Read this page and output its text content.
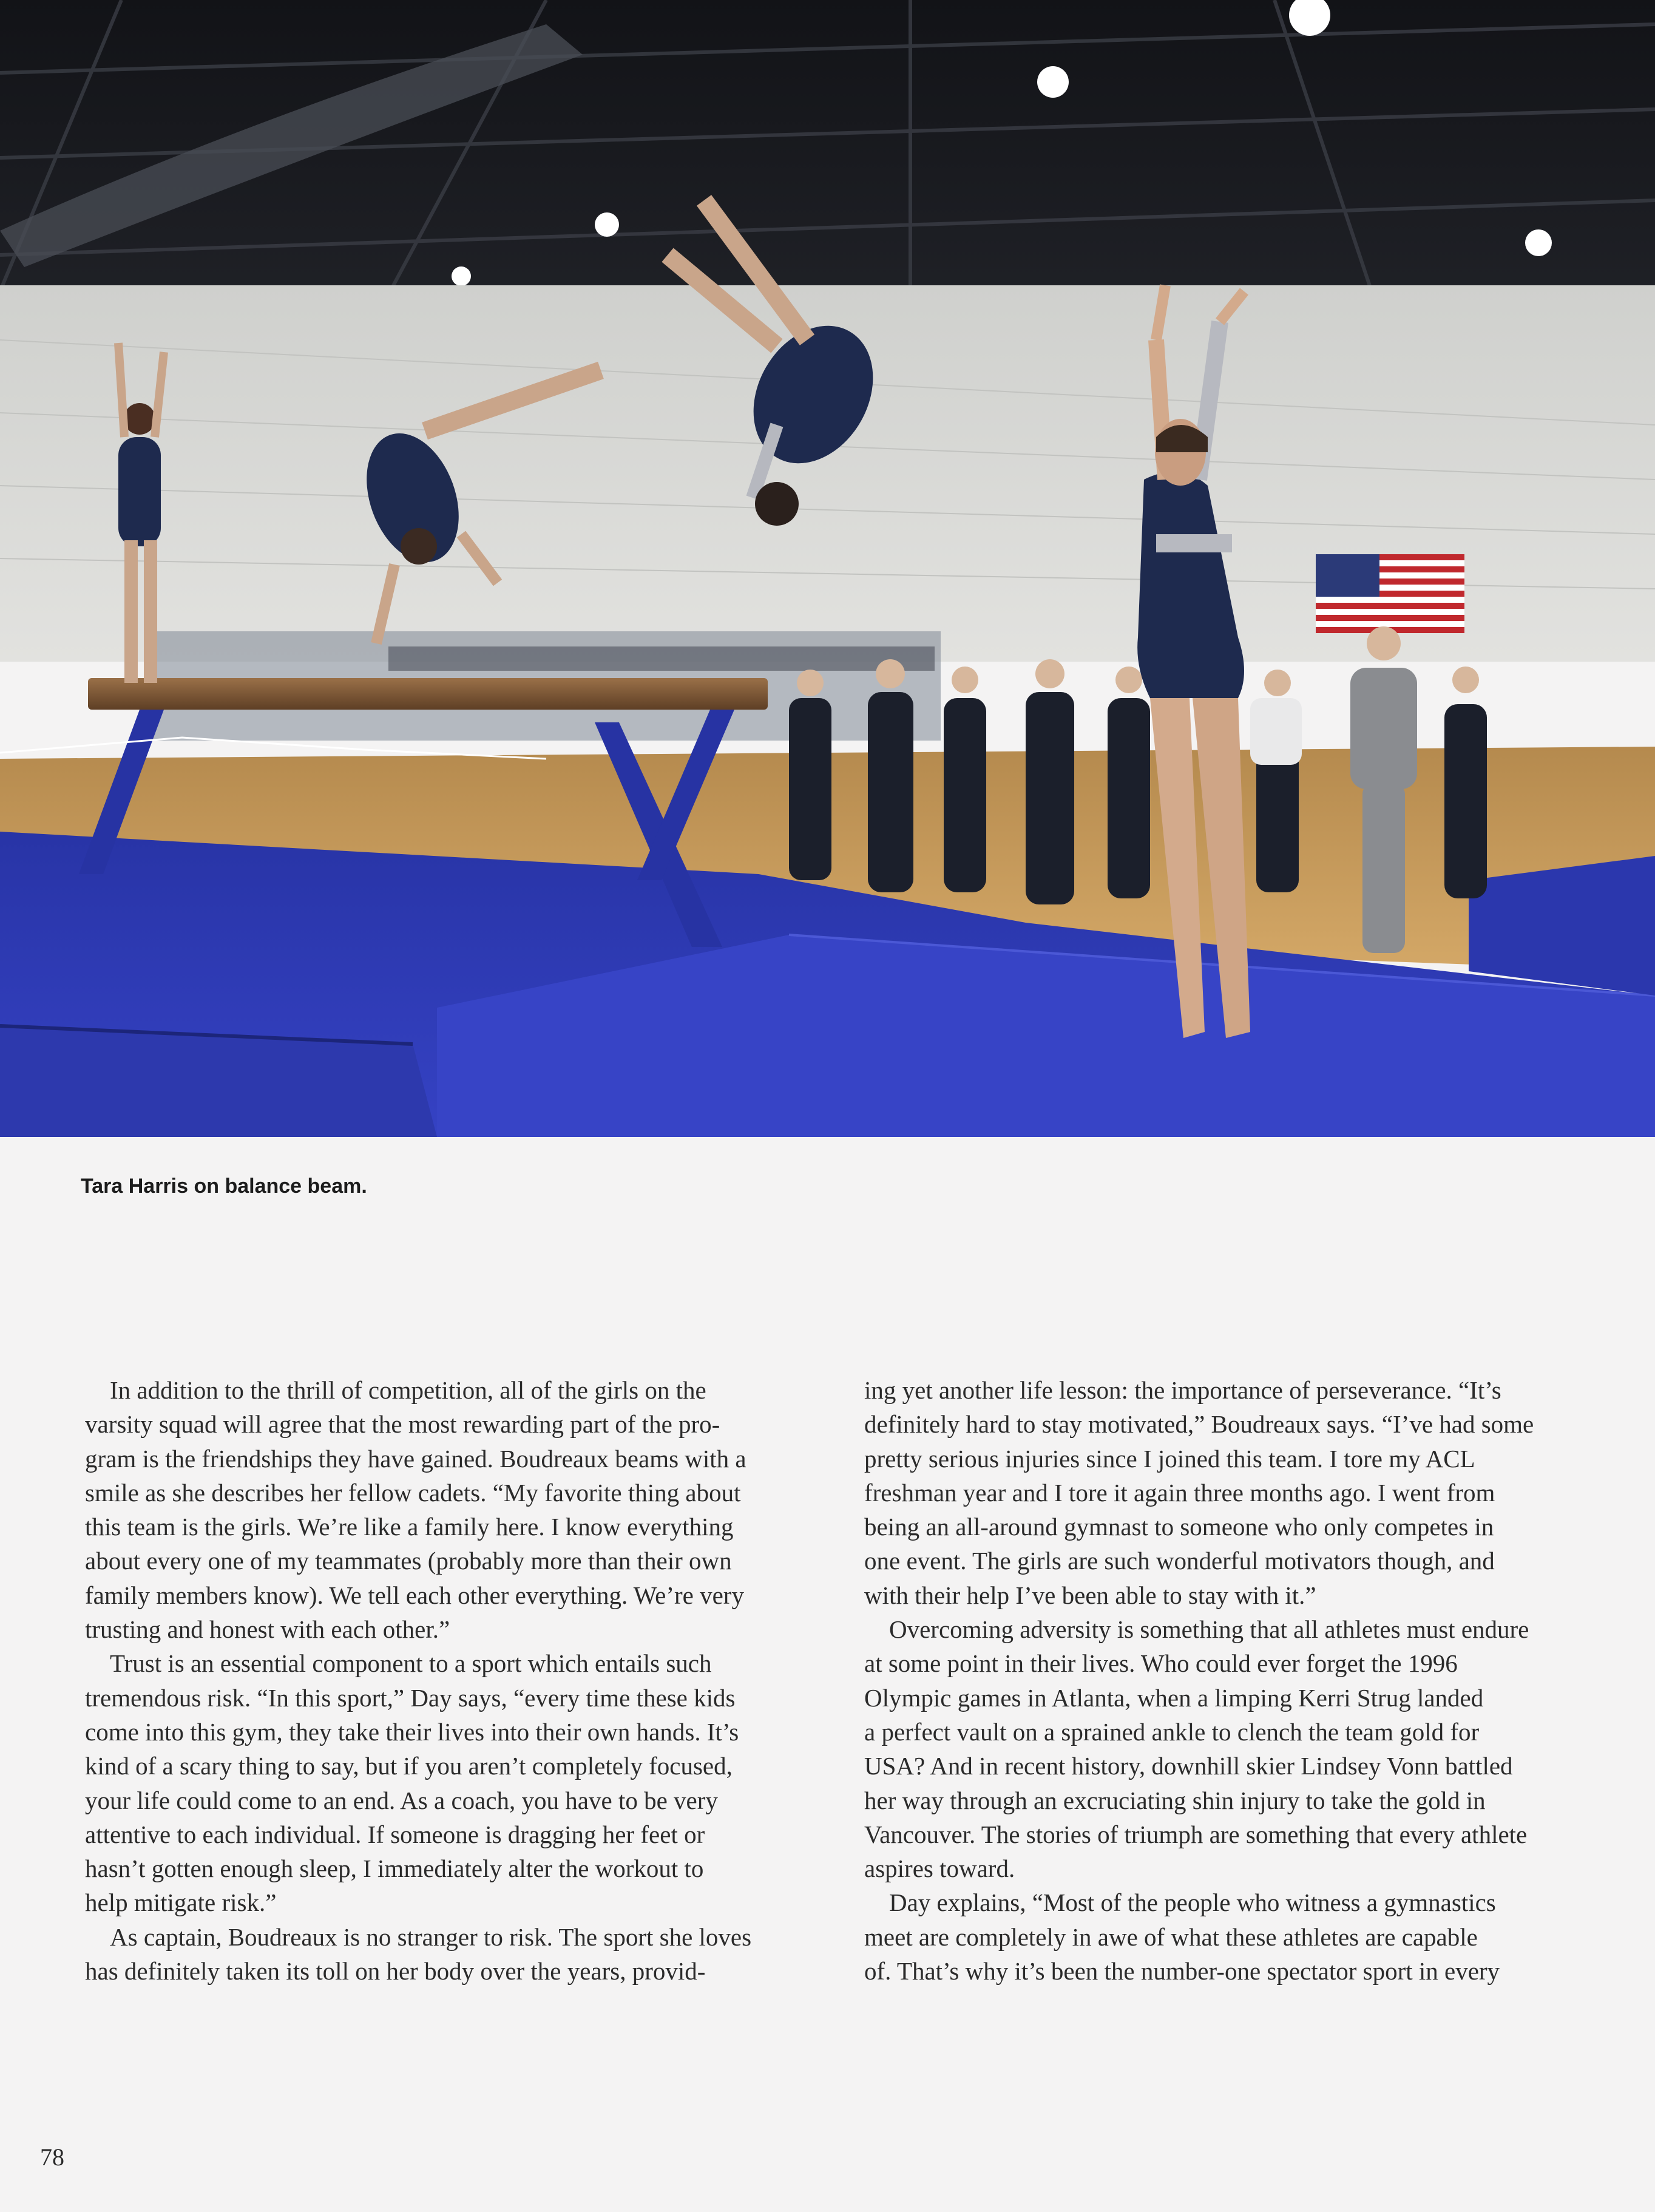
Tara Harris on balance beam.

In addition to the thrill of competition, all of the girls on the
varsity squad will agree that the most rewarding part of the pro-
gram is the friendships they have gained. Boudreaux beams with a
smile as she describes her fellow cadets. “My favorite thing about
this team is the girls. We’re like a family here. I know everything
about every one of my teammates (probably more than their own
family members know). We tell each other everything. We’re very
trusting and honest with each other.”

Trust is an essential component to a sport which entails such
tremendous risk. “In this sport,” Day says, “every time these kids
come into this gym, they take their lives into their own hands. It’s
kind of a scary thing to say, but if you aren’t completely focused,
your life could come to an end. As a coach, you have to be very
attentive to each individual. If someone is dragging her feet or
hasn’t gotten enough sleep, I immediately alter the workout to
help mitigate risk.”

As captain, Boudreaux is no stranger to risk. The sport she loves
has definitely taken its toll on her body over the years, provid-

ing yet another life lesson: the importance of perseverance. “It’s
definitely hard to stay motivated,” Boudreaux says. “I’ve had some
pretty serious injuries since I joined this team. I tore my ACL
freshman year and I tore it again three months ago. I went from
being an all-around gymnast to someone who only competes in
one event. The girls are such wonderful motivators though, and
with their help I’ve been able to stay with it.”

Overcoming adversity is something that all athletes must endure
at some point in their lives. Who could ever forget the 1996
Olympic games in Atlanta, when a limping Kerri Strug landed
a perfect vault on a sprained ankle to clench the team gold for
USA? And in recent history, downhill skier Lindsey Vonn battled
her way through an excruciating shin injury to take the gold in
Vancouver. The stories of triumph are something that every athlete
aspires toward.

Day explains, “Most of the people who witness a gymnastics
meet are completely in awe of what these athletes are capable
of. That’s why it’s been the number-one spectator sport in every

78
